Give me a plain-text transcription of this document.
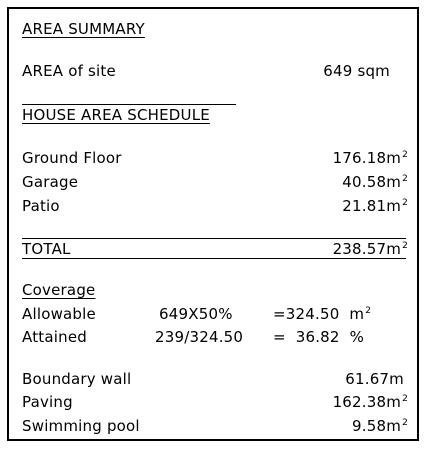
AREA SUMMARY
AREA of site	649 sqm
HOUSE AREA SCHEDULE
Ground Floor	$176.18m^2$
Garage	$40.58m^2$
Patio	$21.81m^2$
TOTAL	$238.57m^2$
Coverage
Allowable	649X50%	=324.50  $m^2$
Attained	239/324.50 =  36.82  %
Boundary wall	61.67m
Paving	$162.38m^2$
Swimming pool	$9.58m^2$
